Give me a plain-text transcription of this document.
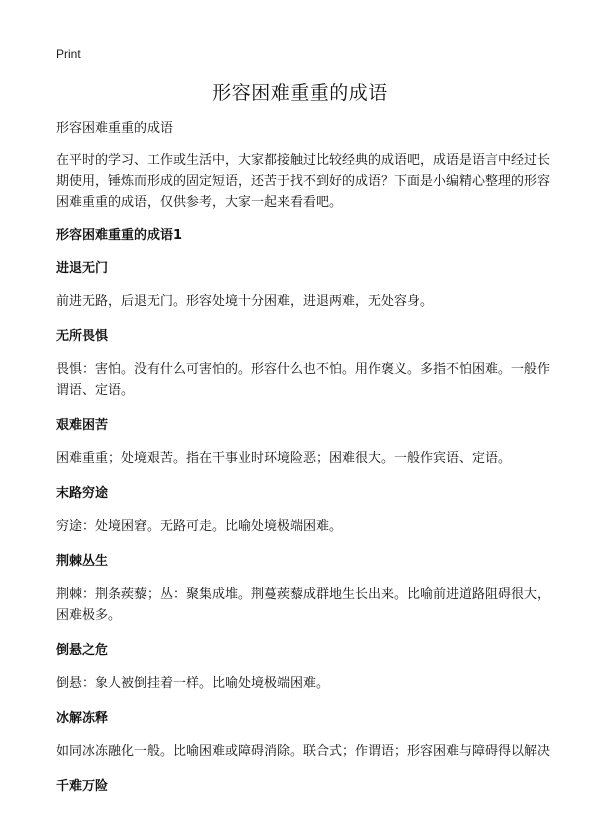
Print
形容困难重重的成语

形容困难重重的成语

在平时的学习、工作或生活中，大家都接触过比较经典的成语吧，成语是语言中经过长期使用，锤炼而形成的固定短语，还苦于找不到好的成语？下面是小编精心整理的形容困难重重的成语，仅供参考，大家一起来看看吧。

形容困难重重的成语1
进退无门

前进无路，后退无门。形容处境十分困难，进退两难，无处容身。

无所畏惧

畏惧：害怕。没有什么可害怕的。形容什么也不怕。用作褒义。多指不怕困难。一般作谓语、定语。

艰难困苦

困难重重；处境艰苦。指在干事业时环境险恶；困难很大。一般作宾语、定语。

末路穷途

穷途：处境困窘。无路可走。比喻处境极端困难。

荆棘丛生

荆棘：荆条蒺藜；丛：聚集成堆。荆蔓蒺藜成群地生长出来。比喻前进道路阻碍很大，困难极多。

倒悬之危

倒悬：象人被倒挂着一样。比喻处境极端困难。

冰解冻释

如同冰冻融化一般。比喻困难或障碍消除。联合式；作谓语；形容困难与障碍得以解决

千难万险
